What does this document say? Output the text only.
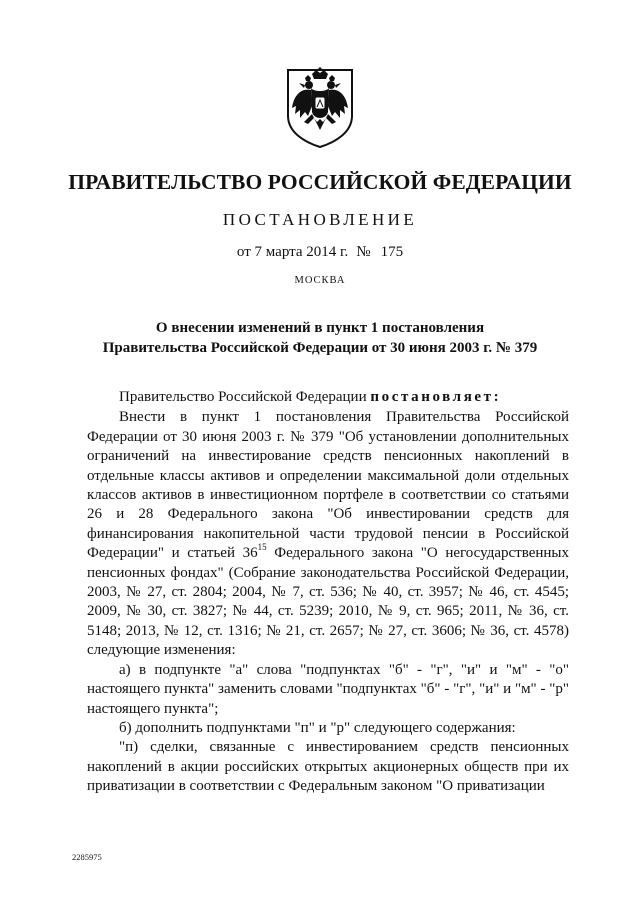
ПРАВИТЕЛЬСТВО РОССИЙСКОЙ ФЕДЕРАЦИИ
ПОСТАНОВЛЕНИЕ
от 7 марта 2014 г. № 175
МОСКВА
О внесении изменений в пункт 1 постановления
Правительства Российской Федерации от 30 июня 2003 г. № 379

Правительство Российской Федерации постановляет:

Внести в пункт 1 постановления Правительства Российской Федерации от 30 июня 2003 г. № 379 "Об установлении дополнительных ограничений на инвестирование средств пенсионных накоплений в отдельные классы активов и определении максимальной доли отдельных классов активов в инвестиционном портфеле в соответствии со статьями 26 и 28 Федерального закона "Об инвестировании средств для финансирования накопительной части трудовой пенсии в Российской Федерации" и статьей $36^{15}$ Федерального закона "О негосударственных пенсионных фондах" (Собрание законодательства Российской Федерации, 2003, № 27, ст. 2804; 2004, № 7, ст. 536; № 40, ст. 3957; № 46, ст. 4545; 2009, № 30, ст. 3827; № 44, ст. 5239; 2010, № 9, ст. 965; 2011, № 36, ст. 5148; 2013, № 12, ст. 1316; № 21, ст. 2657; № 27, ст. 3606; № 36, ст. 4578) следующие изменения:

а) в подпункте "а" слова "подпунктах "б" - "г", "и" и "м" - "о" настоящего пункта" заменить словами "подпунктах "б" - "г", "и" и "м" - "р" настоящего пункта";

б) дополнить подпунктами "п" и "р" следующего содержания:

"п) сделки, связанные с инвестированием средств пенсионных накоплений в акции российских открытых акционерных обществ при их приватизации в соответствии с Федеральным законом "О приватизации

2285975
